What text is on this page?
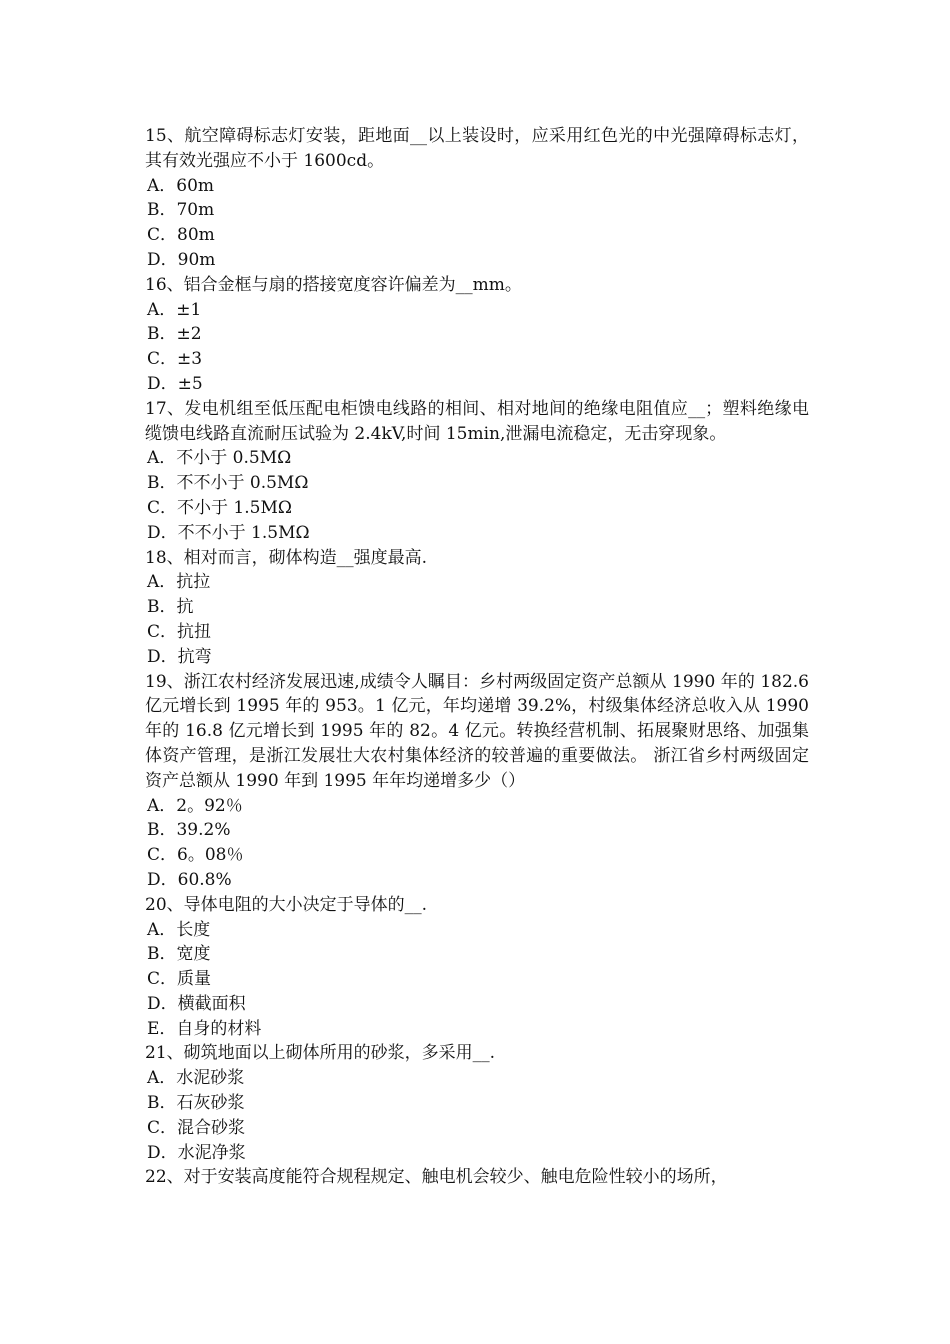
15、航空障碍标志灯安装，距地面__以上装设时，应采用红色光的中光强障碍标志灯，其有效光强应不小于 1600cd。

A．60m

B．70m

C．80m

D．90m

16、铝合金框与扇的搭接宽度容许偏差为__mm。

A．±1

B．±2

C．±3

D．±5

17、发电机组至低压配电柜馈电线路的相间、相对地间的绝缘电阻值应__；塑料绝缘电缆馈电线路直流耐压试验为 2.4kV,时间 15min,泄漏电流稳定，无击穿现象。

A．不小于 0.5MΩ

B．不不小于 0.5MΩ

C．不小于 1.5MΩ

D．不不小于 1.5MΩ

18、相对而言，砌体构造__强度最高.

A．抗拉

B．抗

C．抗扭

D．抗弯

19、浙江农村经济发展迅速,成绩令人瞩目：乡村两级固定资产总额从 1990 年的 182.6 亿元增长到 1995 年的 953。1 亿元，年均递增 39.2%，村级集体经济总收入从 1990 年的 16.8 亿元增长到 1995 年的 82。4 亿元。转换经营机制、拓展聚财思络、加强集体资产管理，是浙江发展壮大农村集体经济的较普遍的重要做法。 浙江省乡村两级固定资产总额从 1990 年到 1995 年年均递增多少（）

A．2。92％

B．39.2%

C．6。08％

D．60.8%

20、导体电阻的大小决定于导体的__.

A．长度

B．宽度

C．质量

D．横截面积

E．自身的材料

21、砌筑地面以上砌体所用的砂浆，多采用__.

A．水泥砂浆

B．石灰砂浆

C．混合砂浆

D．水泥净浆

22、对于安装高度能符合规程规定、触电机会较少、触电危险性较小的场所，
